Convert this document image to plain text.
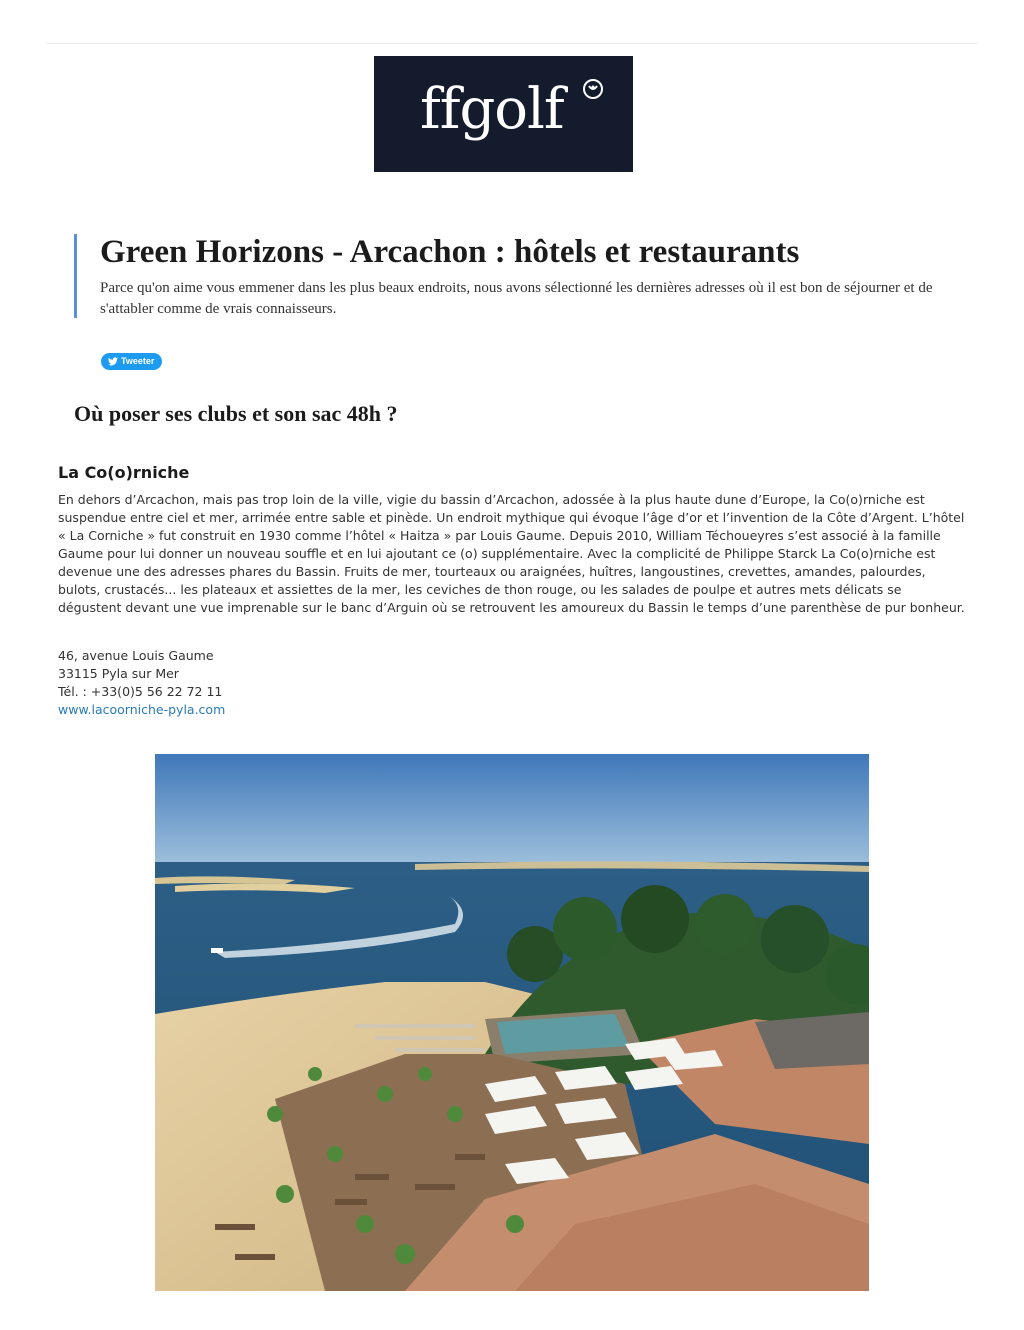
ffgolf
Green Horizons - Arcachon : hôtels et restaurants

Parce qu'on aime vous emmener dans les plus beaux endroits, nous avons sélectionné les dernières adresses où il est bon de séjourner et de s'attabler comme de vrais connaisseurs.

Tweeter
Où poser ses clubs et son sac 48h ?
La Co(o)rniche

En dehors d’Arcachon, mais pas trop loin de la ville, vigie du bassin d’Arcachon, adossée à la plus haute dune d’Europe, la Co(o)rniche est suspendue entre ciel et mer, arrimée entre sable et pinède. Un endroit mythique qui évoque l’âge d’or et l’invention de la Côte d’Argent. L’hôtel « La Corniche » fut construit en 1930 comme l’hôtel « Haitza » par Louis Gaume. Depuis 2010, William Téchoueyres s’est associé à la famille Gaume pour lui donner un nouveau souffle et en lui ajoutant ce (o) supplémentaire. Avec la complicité de Philippe Starck La Co(o)rniche est devenue une des adresses phares du Bassin. Fruits de mer, tourteaux ou araignées, huîtres, langoustines, crevettes, amandes, palourdes, bulots, crustacés... les plateaux et assiettes de la mer, les ceviches de thon rouge, ou les salades de poulpe et autres mets délicats se dégustent devant une vue imprenable sur le banc d’Arguin où se retrouvent les amoureux du Bassin le temps d’une parenthèse de pur bonheur.

46, avenue Louis Gaume
33115 Pyla sur Mer
Tél. : +33(0)5 56 22 72 11
www.lacoorniche-pyla.com
